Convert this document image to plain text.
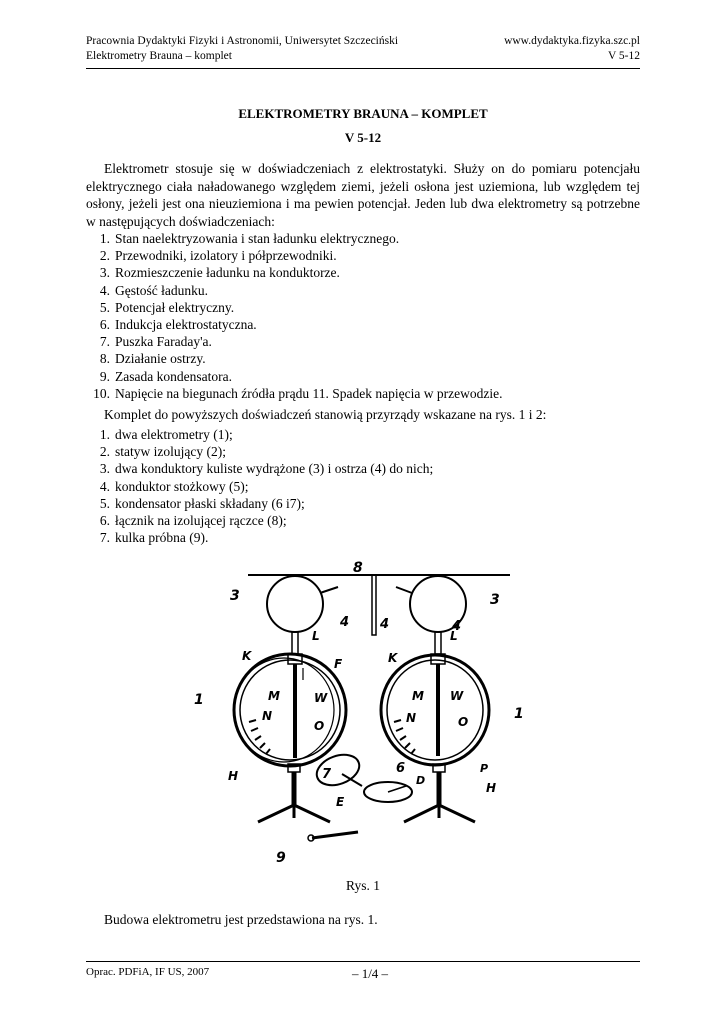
Pracownia Dydaktyki Fizyki i Astronomii, Uniwersytet Szczeciński	www.dydaktyka.fizyka.szc.pl
Elektrometry Brauna – komplet	V 5-12
ELEKTROMETRY BRAUNA – KOMPLET
V 5-12

Elektrometr stosuje się w doświadczeniach z elektrostatyki. Służy on do pomiaru potencjału elektrycznego ciała naładowanego względem ziemi, jeżeli osłona jest uziemiona, lub względem tej osłony, jeżeli jest ona nieuziemiona i ma pewien potencjał. Jeden lub dwa elektrometry są potrzebne w następujących doświadczeniach:

1. Stan naelektryzowania i stan ładunku elektrycznego.
2. Przewodniki, izolatory i półprzewodniki.
3. Rozmieszczenie ładunku na konduktorze.
4. Gęstość ładunku.
5. Potencjał elektryczny.
6. Indukcja elektrostatyczna.
7. Puszka Faraday'a.
8. Działanie ostrzy.
9. Zasada kondensatora.
10. Napięcie na biegunach źródła prądu 11. Spadek napięcia w przewodzie.

Komplet do powyższych doświadczeń stanowią przyrządy wskazane na rys. 1 i 2:

1. dwa elektrometry (1);
2. statyw izolujący (2);
3. dwa konduktory kuliste wydrążone (3) i ostrza (4) do nich;
4. konduktor stożkowy (5);
5. kondensator płaski składany (6 i7);
6. łącznik na izolującej rączce (8);
7. kulka próbna (9).
8
3	3
4 4	4
L	L
K	K
F
1
1
M	M
W	W
N	N
O	O
7	6
D
P
H
H
E
9
Rys. 1

Budowa elektrometru jest przedstawiona na rys. 1.

Oprac. PDFiA, IF US, 2007	– 1/4 –
